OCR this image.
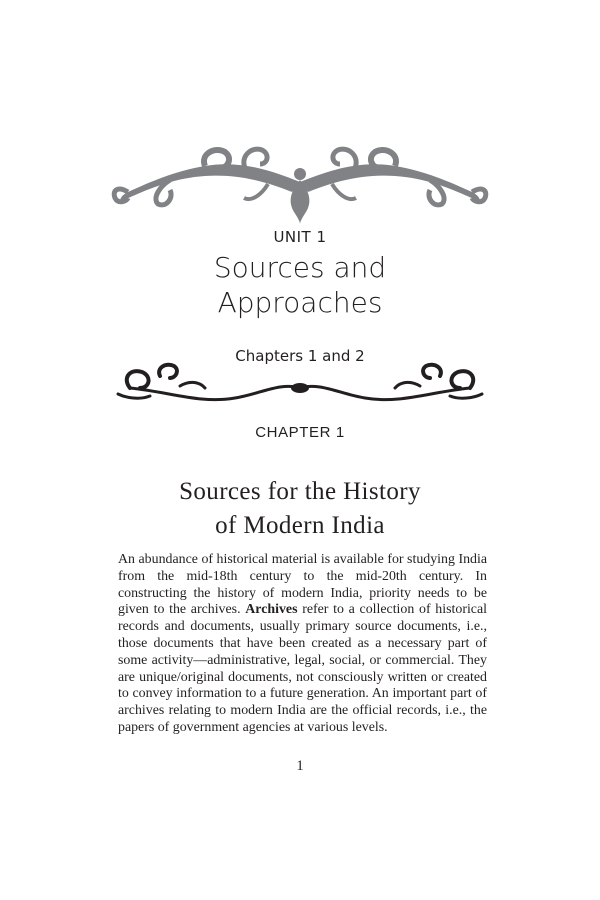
UNIT 1
Sources and
Approaches
Chapters 1 and 2
CHAPTER 1
Sources for the History
of Modern India
An abundance of historical material is available for studying India from the mid-18th century to the mid-20th century. In constructing the history of modern India, priority needs to be given to the archives. Archives refer to a collection of historical records and documents, usually primary source documents, i.e., those documents that have been created as a necessary part of some activity—administrative, legal, social, or commercial. They are unique/original documents, not consciously written or created to convey information to a future generation. An important part of archives relating to modern India are the official records, i.e., the papers of government agencies at various levels.
1
